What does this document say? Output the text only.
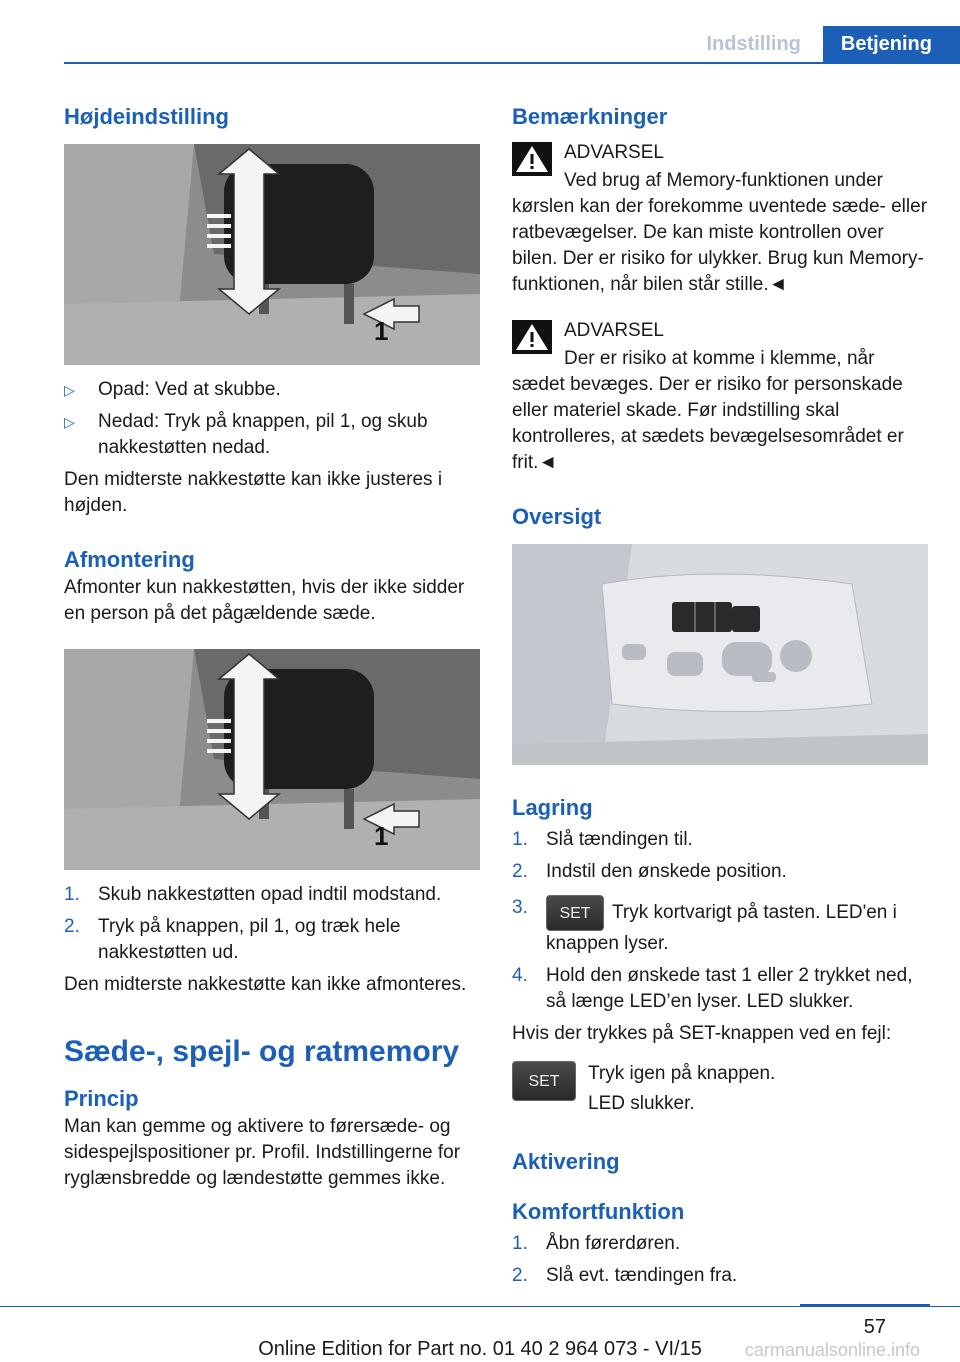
Indstilling	Betjening
Højdeindstilling
1
▷ Opad: Ved at skubbe.
▷ Nedad: Tryk på knappen, pil 1, og skub nakkestøtten nedad.
Den midterste nakkestøtte kan ikke justeres i højden.
Afmontering
Afmonter kun nakkestøtten, hvis der ikke sidder en person på det pågældende sæde.
1
1. Skub nakkestøtten opad indtil modstand.
2. Tryk på knappen, pil 1, og træk hele nakkestøtten ud.
Den midterste nakkestøtte kan ikke afmonteres.
Sæde-, spejl- og ratmemory
Princip
Man kan gemme og aktivere to førersæde- og sidespejlspositioner pr. Profil. Indstillingerne for ryglænsbredde og lændestøtte gemmes ikke.
Bemærkninger
ADVARSEL
Ved brug af Memory-funktionen under kørslen kan der forekomme uventede sæde- eller ratbevægelser. De kan miste kontrollen over bilen. Der er risiko for ulykker. Brug kun Memory-funktionen, når bilen står stille.◄
ADVARSEL
Der er risiko at komme i klemme, når sædet bevæges. Der er risiko for personskade eller materiel skade. Før indstilling skal kontrolleres, at sædets bevægelsesområdet er frit.◄
Oversigt
Lagring
1. Slå tændingen til.
2. Indstil den ønskede position.
3. SET Tryk kortvarigt på tasten. LED'en i knappen lyser.
4. Hold den ønskede tast 1 eller 2 trykket ned, så længe LED’en lyser. LED slukker.
Hvis der trykkes på SET-knappen ved en fejl:
SET	Tryk igen på knappen.
LED slukker.
Aktivering
Komfortfunktion
1. Åbn førerdøren.
2. Slå evt. tændingen fra.
57
Online Edition for Part no. 01 40 2 964 073 - VI/15	carmanualsonline.info
